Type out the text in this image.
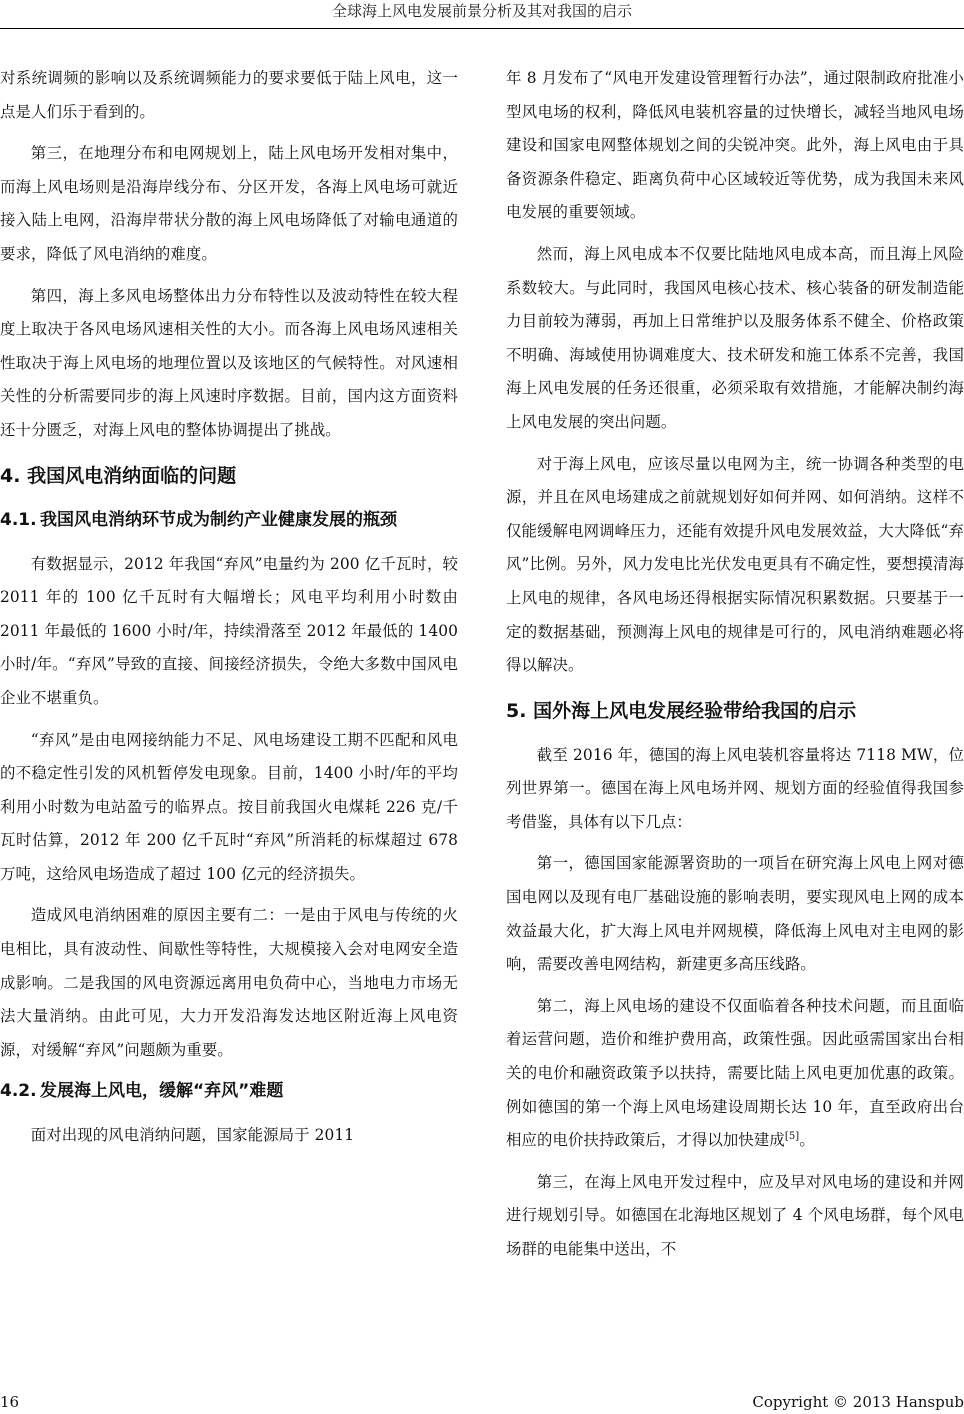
全球海上风电发展前景分析及其对我国的启示

对系统调频的影响以及系统调频能力的要求要低于陆上风电，这一点是人们乐于看到的。

第三，在地理分布和电网规划上，陆上风电场开发相对集中，而海上风电场则是沿海岸线分布、分区开发，各海上风电场可就近接入陆上电网，沿海岸带状分散的海上风电场降低了对输电通道的要求，降低了风电消纳的难度。

第四，海上多风电场整体出力分布特性以及波动特性在较大程度上取决于各风电场风速相关性的大小。而各海上风电场风速相关性取决于海上风电场的地理位置以及该地区的气候特性。对风速相关性的分析需要同步的海上风速时序数据。目前，国内这方面资料还十分匮乏，对海上风电的整体协调提出了挑战。

4. 我国风电消纳面临的问题
4.1. 我国风电消纳环节成为制约产业健康发展的瓶颈

有数据显示，2012 年我国“弃风”电量约为 200 亿千瓦时，较 2011 年的 100 亿千瓦时有大幅增长；风电平均利用小时数由 2011 年最低的 1600 小时/年，持续滑落至 2012 年最低的 1400 小时/年。“弃风”导致的直接、间接经济损失，令绝大多数中国风电企业不堪重负。

“弃风”是由电网接纳能力不足、风电场建设工期不匹配和风电的不稳定性引发的风机暂停发电现象。目前，1400 小时/年的平均利用小时数为电站盈亏的临界点。按目前我国火电煤耗 226 克/千瓦时估算，2012 年 200 亿千瓦时“弃风”所消耗的标煤超过 678 万吨，这给风电场造成了超过 100 亿元的经济损失。

造成风电消纳困难的原因主要有二：一是由于风电与传统的火电相比，具有波动性、间歇性等特性，大规模接入会对电网安全造成影响。二是我国的风电资源远离用电负荷中心，当地电力市场无法大量消纳。由此可见，大力开发沿海发达地区附近海上风电资源，对缓解“弃风”问题颇为重要。

4.2. 发展海上风电，缓解“弃风”难题

面对出现的风电消纳问题，国家能源局于 2011

年 8 月发布了“风电开发建设管理暂行办法”，通过限制政府批准小型风电场的权利，降低风电装机容量的过快增长，减轻当地风电场建设和国家电网整体规划之间的尖锐冲突。此外，海上风电由于具备资源条件稳定、距离负荷中心区域较近等优势，成为我国未来风电发展的重要领域。

然而，海上风电成本不仅要比陆地风电成本高，而且海上风险系数较大。与此同时，我国风电核心技术、核心装备的研发制造能力目前较为薄弱，再加上日常维护以及服务体系不健全、价格政策不明确、海域使用协调难度大、技术研发和施工体系不完善，我国海上风电发展的任务还很重，必须采取有效措施，才能解决制约海上风电发展的突出问题。

对于海上风电，应该尽量以电网为主，统一协调各种类型的电源，并且在风电场建成之前就规划好如何并网、如何消纳。这样不仅能缓解电网调峰压力，还能有效提升风电发展效益，大大降低“弃风”比例。另外，风力发电比光伏发电更具有不确定性，要想摸清海上风电的规律，各风电场还得根据实际情况积累数据。只要基于一定的数据基础，预测海上风电的规律是可行的，风电消纳难题必将得以解决。

5. 国外海上风电发展经验带给我国的启示

截至 2016 年，德国的海上风电装机容量将达 7118 MW，位列世界第一。德国在海上风电场并网、规划方面的经验值得我国参考借鉴，具体有以下几点：

第一，德国国家能源署资助的一项旨在研究海上风电上网对德国电网以及现有电厂基础设施的影响表明，要实现风电上网的成本效益最大化，扩大海上风电并网规模，降低海上风电对主电网的影响，需要改善电网结构，新建更多高压线路。

第二，海上风电场的建设不仅面临着各种技术问题，而且面临着运营问题，造价和维护费用高，政策性强。因此亟需国家出台相关的电价和融资政策予以扶持，需要比陆上风电更加优惠的政策。例如德国的第一个海上风电场建设周期长达 10 年，直至政府出台相应的电价扶持政策后，才得以加快建成[5]。

第三，在海上风电开发过程中，应及早对风电场的建设和并网进行规划引导。如德国在北海地区规划了 4 个风电场群，每个风电场群的电能集中送出，不

16	Copyright © 2013 Hanspub
